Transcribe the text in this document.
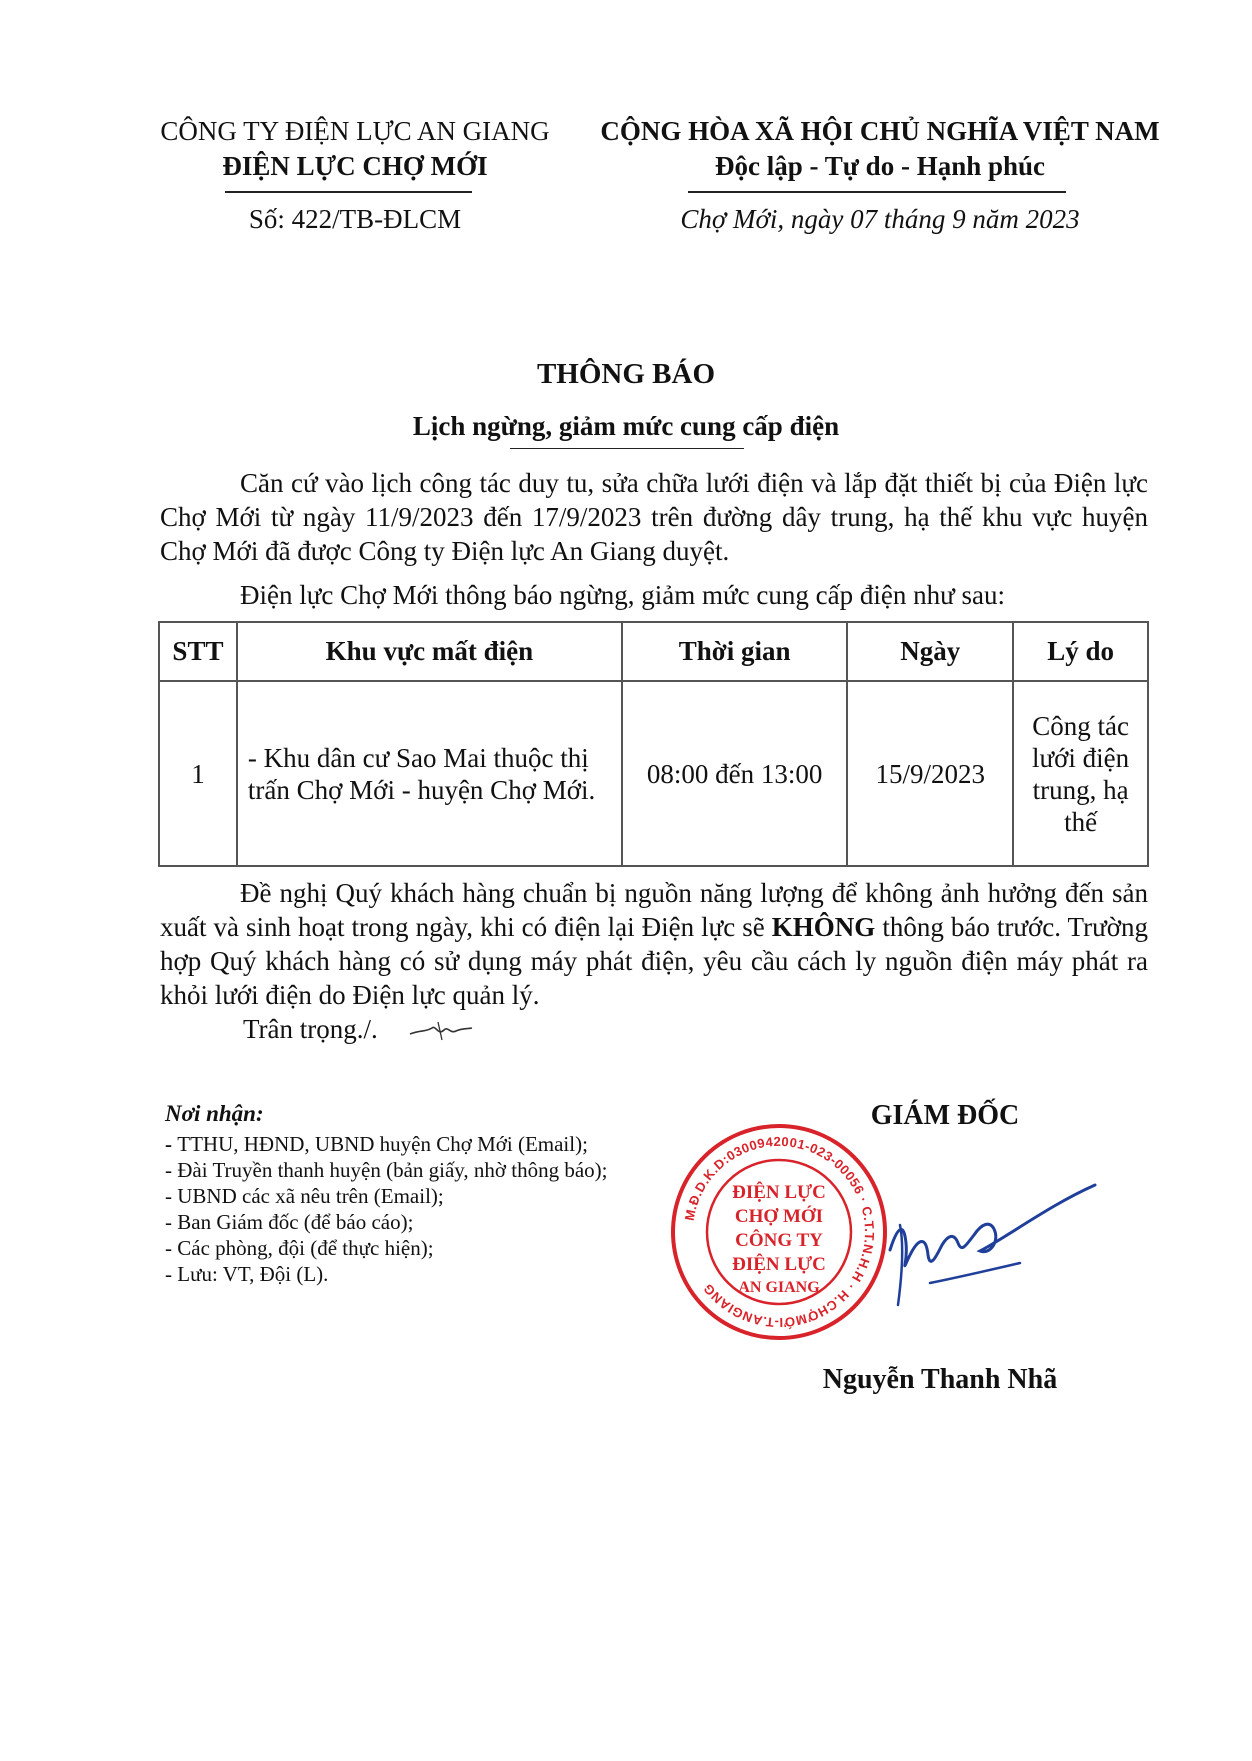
CÔNG TY ĐIỆN LỰC AN GIANG
ĐIỆN LỰC CHỢ MỚI
Số: 422/TB-ĐLCM
CỘNG HÒA XÃ HỘI CHỦ NGHĨA VIỆT NAM
Độc lập - Tự do - Hạnh phúc
Chợ Mới, ngày 07 tháng 9 năm 2023
THÔNG BÁO
Lịch ngừng, giảm mức cung cấp điện
Căn cứ vào lịch công tác duy tu, sửa chữa lưới điện và lắp đặt thiết bị của Điện lực Chợ Mới từ ngày 11/9/2023 đến 17/9/2023 trên đường dây trung, hạ thế khu vực huyện Chợ Mới đã được Công ty Điện lực An Giang duyệt.
Điện lực Chợ Mới thông báo ngừng, giảm mức cung cấp điện như sau:
STT	Khu vực mất điện	Thời gian	Ngày	Lý do
1	- Khu dân cư Sao Mai thuộc thị trấn Chợ Mới - huyện Chợ Mới.	08:00 đến 13:00	15/9/2023	Công tác lưới điện trung, hạ thế
Đề nghị Quý khách hàng chuẩn bị nguồn năng lượng để không ảnh hưởng đến sản xuất và sinh hoạt trong ngày, khi có điện lại Điện lực sẽ KHÔNG thông báo trước. Trường hợp Quý khách hàng có sử dụng máy phát điện, yêu cầu cách ly nguồn điện máy phát ra khỏi lưới điện do Điện lực quản lý.
Trân trọng./.
Nơi nhận:
- TTHU, HĐND, UBND huyện Chợ Mới (Email);
- Đài Truyền thanh huyện (bản giấy, nhờ thông báo);
- UBND các xã nêu trên (Email);
- Ban Giám đốc (để báo cáo);
- Các phòng, đội (để thực hiện);
- Lưu: VT, Đội (L).
GIÁM ĐỐC
M.Đ.D.K.D:0300942001-023-00056 · C.T.T.N.H.H · H.CHỢMỚI-T.ANGIANG
ĐIỆN LỰC
CHỢ MỚI
CÔNG TY
ĐIỆN LỰC
AN GIANG
Nguyễn Thanh Nhã
